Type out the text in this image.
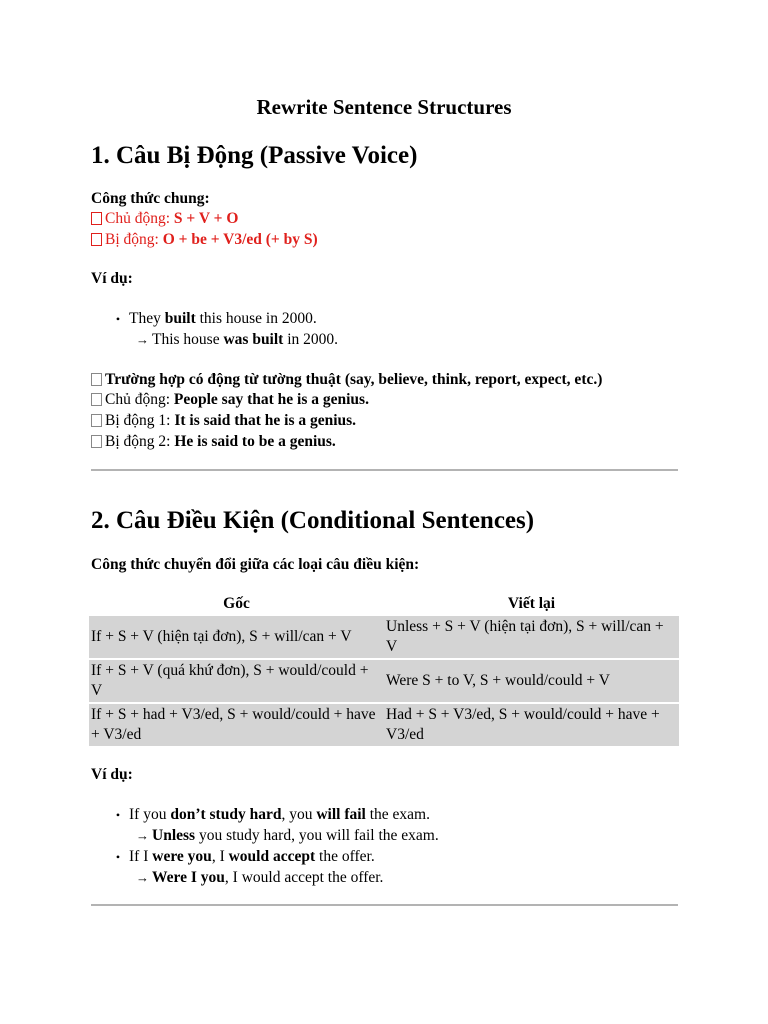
Rewrite Sentence Structures
1. Câu Bị Động (Passive Voice)
Công thức chung:
Chủ động: S + V + O
Bị động: O + be + V3/ed (+ by S)
Ví dụ:
• They built this house in 2000.
→ This house was built in 2000.
Trường hợp có động từ tường thuật (say, believe, think, report, expect, etc.)
Chủ động: People say that he is a genius.
Bị động 1: It is said that he is a genius.
Bị động 2: He is said to be a genius.
2. Câu Điều Kiện (Conditional Sentences)
Công thức chuyển đổi giữa các loại câu điều kiện:
Gốc	Viết lại
If + S + V (hiện tại đơn), S + will/can + V	Unless + S + V (hiện tại đơn), S + will/can + V
If + S + V (quá khứ đơn), S + would/could + V	Were S + to V, S + would/could + V
If + S + had + V3/ed, S + would/could + have + V3/ed	Had + S + V3/ed, S + would/could + have + V3/ed
Ví dụ:
• If you don’t study hard, you will fail the exam.
→ Unless you study hard, you will fail the exam.
• If I were you, I would accept the offer.
→ Were I you, I would accept the offer.
